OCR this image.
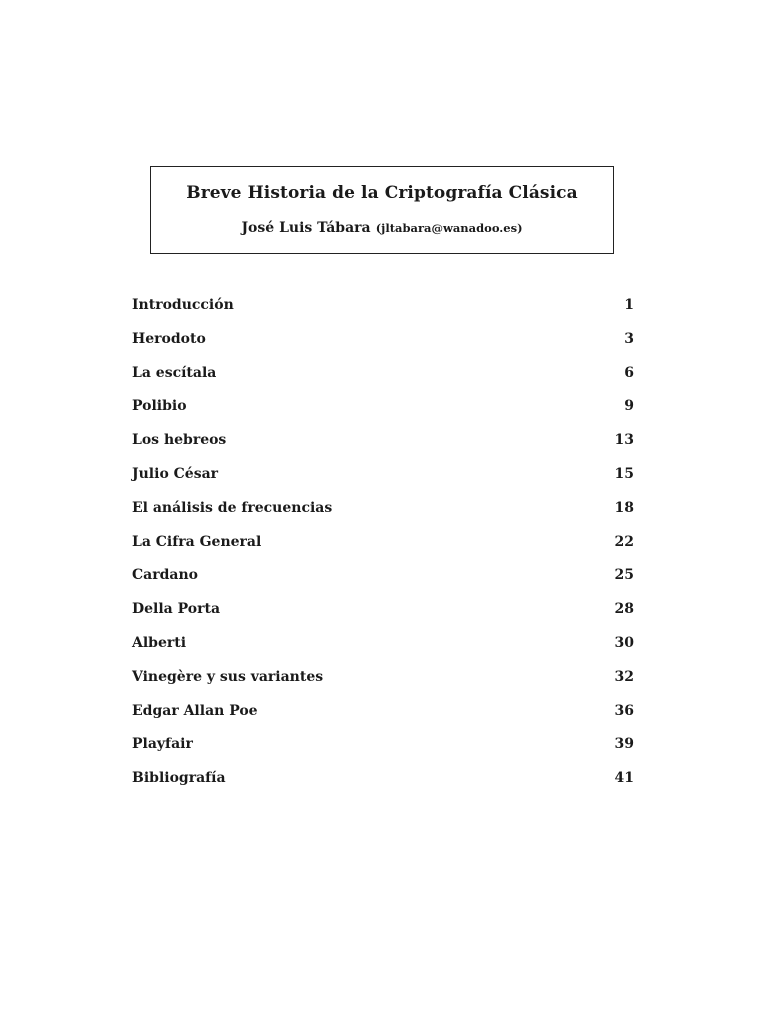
Breve Historia de la Criptografía Clásica
José Luis Tábara (jltabara@wanadoo.es)
Introducción	1
Herodoto	3
La escítala	6
Polibio	9
Los hebreos	13
Julio César	15
El análisis de frecuencias	18
La Cifra General	22
Cardano	25
Della Porta	28
Alberti	30
Vinegère y sus variantes	32
Edgar Allan Poe	36
Playfair	39
Bibliografía	41
